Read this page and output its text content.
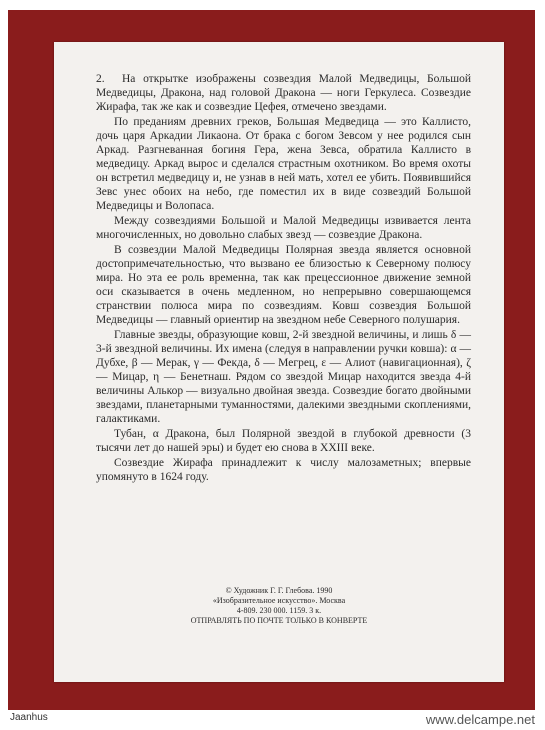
2. На открытке изображены созвездия Малой Медведицы, Большой Медведицы, Дракона, над головой Дракона — ноги Геркулеса. Созвездие Жирафа, так же как и созвездие Цефея, отмечено звездами.

По преданиям древних греков, Большая Медведица — это Каллисто, дочь царя Аркадии Ликаона. От брака с богом Зевсом у нее родился сын Аркад. Разгневанная богиня Гера, жена Зевса, обратила Каллисто в медведицу. Аркад вырос и сделался страстным охотником. Во время охоты он встретил медведицу и, не узнав в ней мать, хотел ее убить. Появившийся Зевс унес обоих на небо, где поместил их в виде созвездий Большой Медведицы и Волопаса.

Между созвездиями Большой и Малой Медведицы извивается лента многочисленных, но довольно слабых звезд — созвездие Дракона.

В созвездии Малой Медведицы Полярная звезда является основной достопримечательностью, что вызвано ее близостью к Северному полюсу мира. Но эта ее роль временна, так как прецессионное движение земной оси сказывается в очень медленном, но непрерывно совершающемся странствии полюса мира по созвездиям. Ковш созвездия Большой Медведицы — главный ориентир на звездном небе Северного полушария.

Главные звезды, образующие ковш, 2-й звездной величины, и лишь δ — 3-й звездной величины. Их имена (следуя в направлении ручки ковша): α — Дубхе, β — Мерак, γ — Фекда, δ — Мегрец, ε — Алиот (навигационная), ζ — Мицар, η — Бенетнаш. Рядом со звездой Мицар находится звезда 4-й величины Алькор — визуально двойная звезда. Созвездие богато двойными звездами, планетарными туманностями, далекими звездными скоплениями, галактиками.

Тубан, α Дракона, был Полярной звездой в глубокой древности (3 тысячи лет до нашей эры) и будет ею снова в XXIII веке.

Созвездие Жирафа принадлежит к числу малозаметных; впервые упомянуто в 1624 году.

© Художник Г. Г. Глебова. 1990
«Изобразительное искусство». Москва
4-809. 230 000. 1159. 3 к.
ОТПРАВЛЯТЬ ПО ПОЧТЕ ТОЛЬКО В КОНВЕРТЕ
Jaanhus	www.delcampe.net
